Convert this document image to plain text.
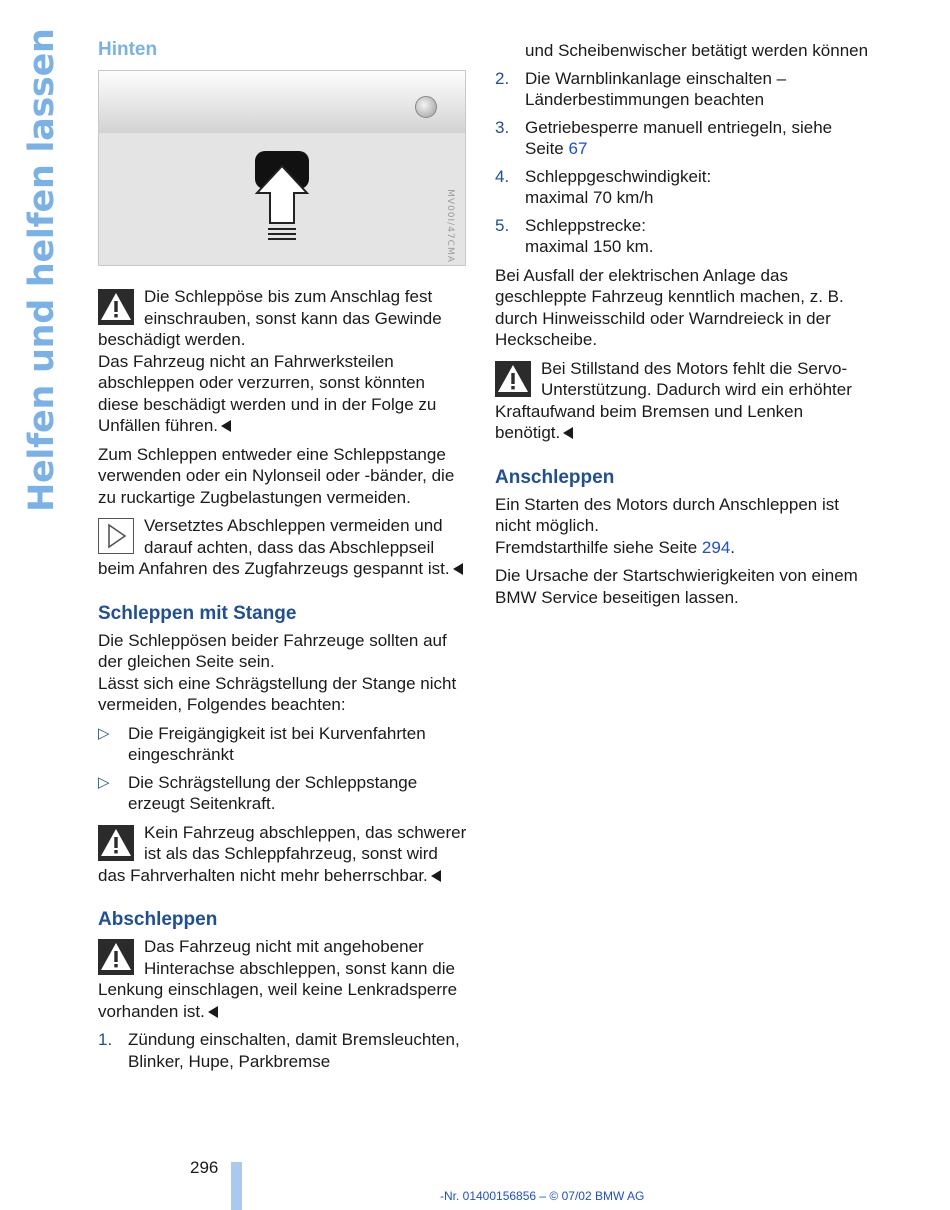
Helfen und helfen lassen Hinten
MV00I/47CMA
Die Schleppöse bis zum Anschlag fest einschrauben, sonst kann das Gewinde beschädigt werden.
Das Fahrzeug nicht an Fahrwerksteilen abschleppen oder verzurren, sonst könnten diese beschädigt werden und in der Folge zu Unfällen führen.

Zum Schleppen entweder eine Schleppstange verwenden oder ein Nylonseil oder -bänder, die zu ruckartige Zugbelastungen vermeiden.

Versetztes Abschleppen vermeiden und darauf achten, dass das Abschleppseil beim Anfahren des Zugfahrzeugs gespannt ist.
Schleppen mit Stange

Die Schleppösen beider Fahrzeuge sollten auf der gleichen Seite sein.

Lässt sich eine Schrägstellung der Stange nicht vermeiden, Folgendes beachten:

▷ Die Freigängigkeit ist bei Kurvenfahrten eingeschränkt
▷ Die Schrägstellung der Schleppstange erzeugt Seitenkraft.
Kein Fahrzeug abschleppen, das schwerer ist als das Schleppfahrzeug, sonst wird das Fahrverhalten nicht mehr beherrschbar.
Abschleppen
Das Fahrzeug nicht mit angehobener Hinterachse abschleppen, sonst kann die Lenkung einschlagen, weil keine Lenkradsperre vorhanden ist.
1. Zündung einschalten, damit Bremsleuchten, Blinker, Hupe, Parkbremse
und Scheibenwischer betätigt werden können
2. Die Warnblinkanlage einschalten – Länderbestimmungen beachten
3. Getriebesperre manuell entriegeln, siehe Seite 67
4. Schleppgeschwindigkeit:
maximal 70 km/h
5. Schleppstrecke:
maximal 150 km.

Bei Ausfall der elektrischen Anlage das geschleppte Fahrzeug kenntlich machen, z. B. durch Hinweisschild oder Warndreieck in der Heckscheibe.

Bei Stillstand des Motors fehlt die Servo-Unterstützung. Dadurch wird ein erhöhter Kraftaufwand beim Bremsen und Lenken benötigt.
Anschleppen

Ein Starten des Motors durch Anschleppen ist nicht möglich.

Fremdstarthilfe siehe Seite 294.

Die Ursache der Startschwierigkeiten von einem BMW Service beseitigen lassen.

296
-Nr. 01400156856 – © 07/02 BMW AG
